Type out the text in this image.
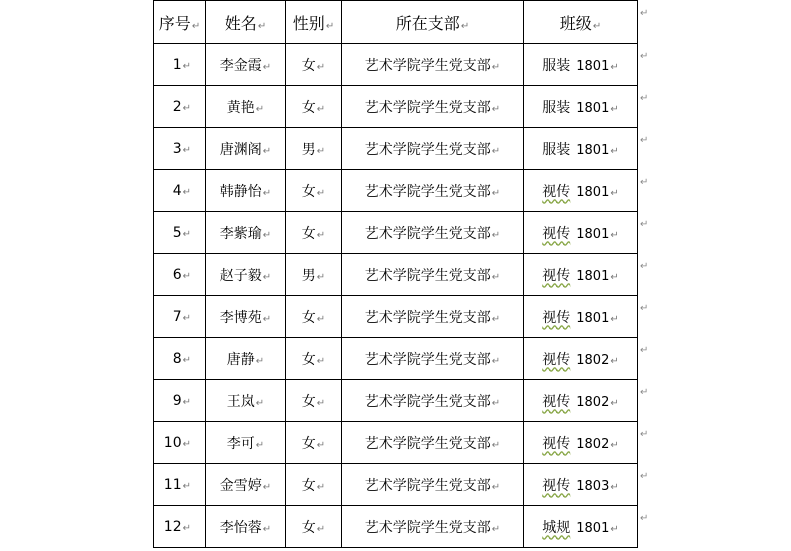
序号↵	姓名↵	性别↵	所在支部↵	班级↵
1↵	李金霞↵	女↵	艺术学院学生党支部↵	服装 1801↵
2↵	黄艳↵	女↵	艺术学院学生党支部↵	服装 1801↵
3↵	唐渊阁↵	男↵	艺术学院学生党支部↵	服装 1801↵
4↵	韩静怡↵	女↵	艺术学院学生党支部↵	视传 1801↵
5↵	李紫瑜↵	女↵	艺术学院学生党支部↵	视传 1801↵
6↵	赵子毅↵	男↵	艺术学院学生党支部↵	视传 1801↵
7↵	李博苑↵	女↵	艺术学院学生党支部↵	视传 1801↵
8↵	唐静↵	女↵	艺术学院学生党支部↵	视传 1802↵
9↵	王岚↵	女↵	艺术学院学生党支部↵	视传 1802↵
10↵	李可↵	女↵	艺术学院学生党支部↵	视传 1802↵
11↵	金雪婷↵	女↵	艺术学院学生党支部↵	视传 1803↵
12↵	李怡蓉↵	女↵	艺术学院学生党支部↵	城规 1801↵
↵
↵
↵
↵
↵
↵
↵
↵
↵
↵
↵
↵
↵
